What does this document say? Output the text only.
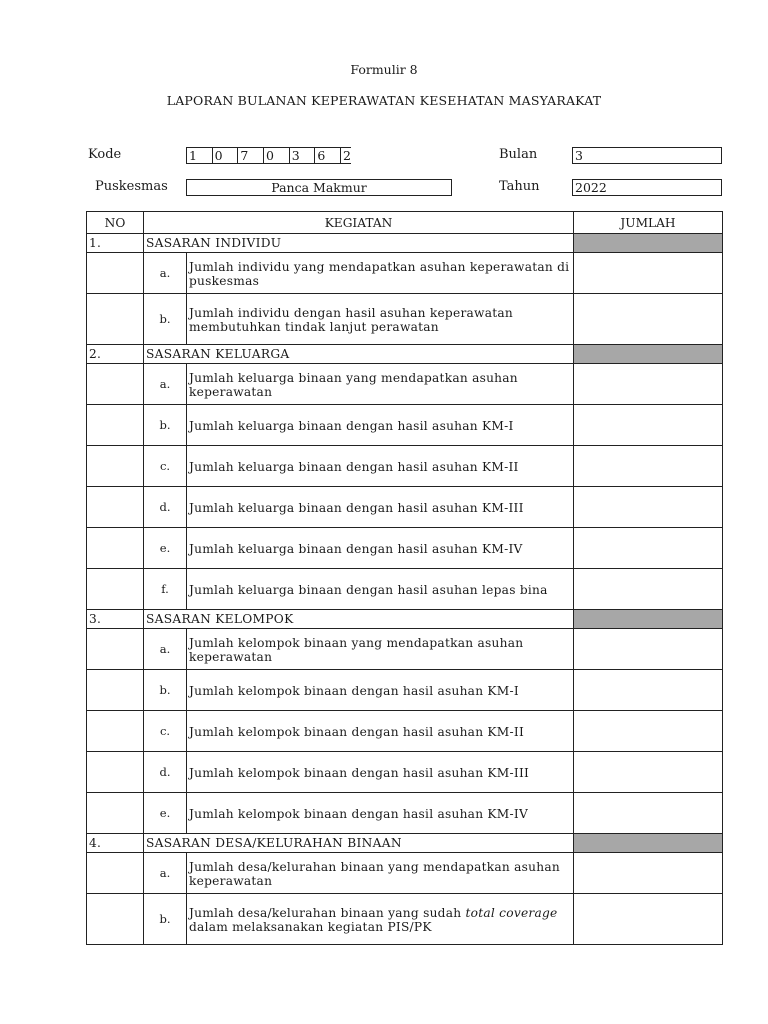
Formulir 8
LAPORAN BULANAN KEPERAWATAN KESEHATAN MASYARAKAT
Kode	1	0	7	0	3	6	2	Bulan	3
Puskesmas	Panca Makmur	Tahun	2022
NO	KEGIATAN		JUMLAH
1.	SASARAN INDIVIDU		
	a.	Jumlah individu yang mendapatkan asuhan keperawatan di puskesmas	
	b.	Jumlah individu dengan hasil asuhan keperawatan membutuhkan tindak lanjut perawatan	
2.	SASARAN KELUARGA		
	a.	Jumlah keluarga binaan yang mendapatkan asuhan keperawatan	
	b.	Jumlah keluarga binaan dengan hasil asuhan KM-I	
	c.	Jumlah keluarga binaan dengan hasil asuhan KM-II	
	d.	Jumlah keluarga binaan dengan hasil asuhan KM-III	
	e.	Jumlah keluarga binaan dengan hasil asuhan KM-IV	
	f.	Jumlah keluarga binaan dengan hasil asuhan lepas bina	
3.	SASARAN KELOMPOK		
	a.	Jumlah kelompok binaan yang mendapatkan asuhan keperawatan	
	b.	Jumlah kelompok binaan dengan hasil asuhan KM-I	
	c.	Jumlah kelompok binaan dengan hasil asuhan KM-II	
	d.	Jumlah kelompok binaan dengan hasil asuhan KM-III	
	e.	Jumlah kelompok binaan dengan hasil asuhan KM-IV	
4.	SASARAN DESA/KELURAHAN BINAAN		
	a.	Jumlah desa/kelurahan binaan yang mendapatkan asuhan keperawatan	
	b.	Jumlah desa/kelurahan binaan yang sudah total coverage dalam melaksanakan kegiatan PIS/PK	
